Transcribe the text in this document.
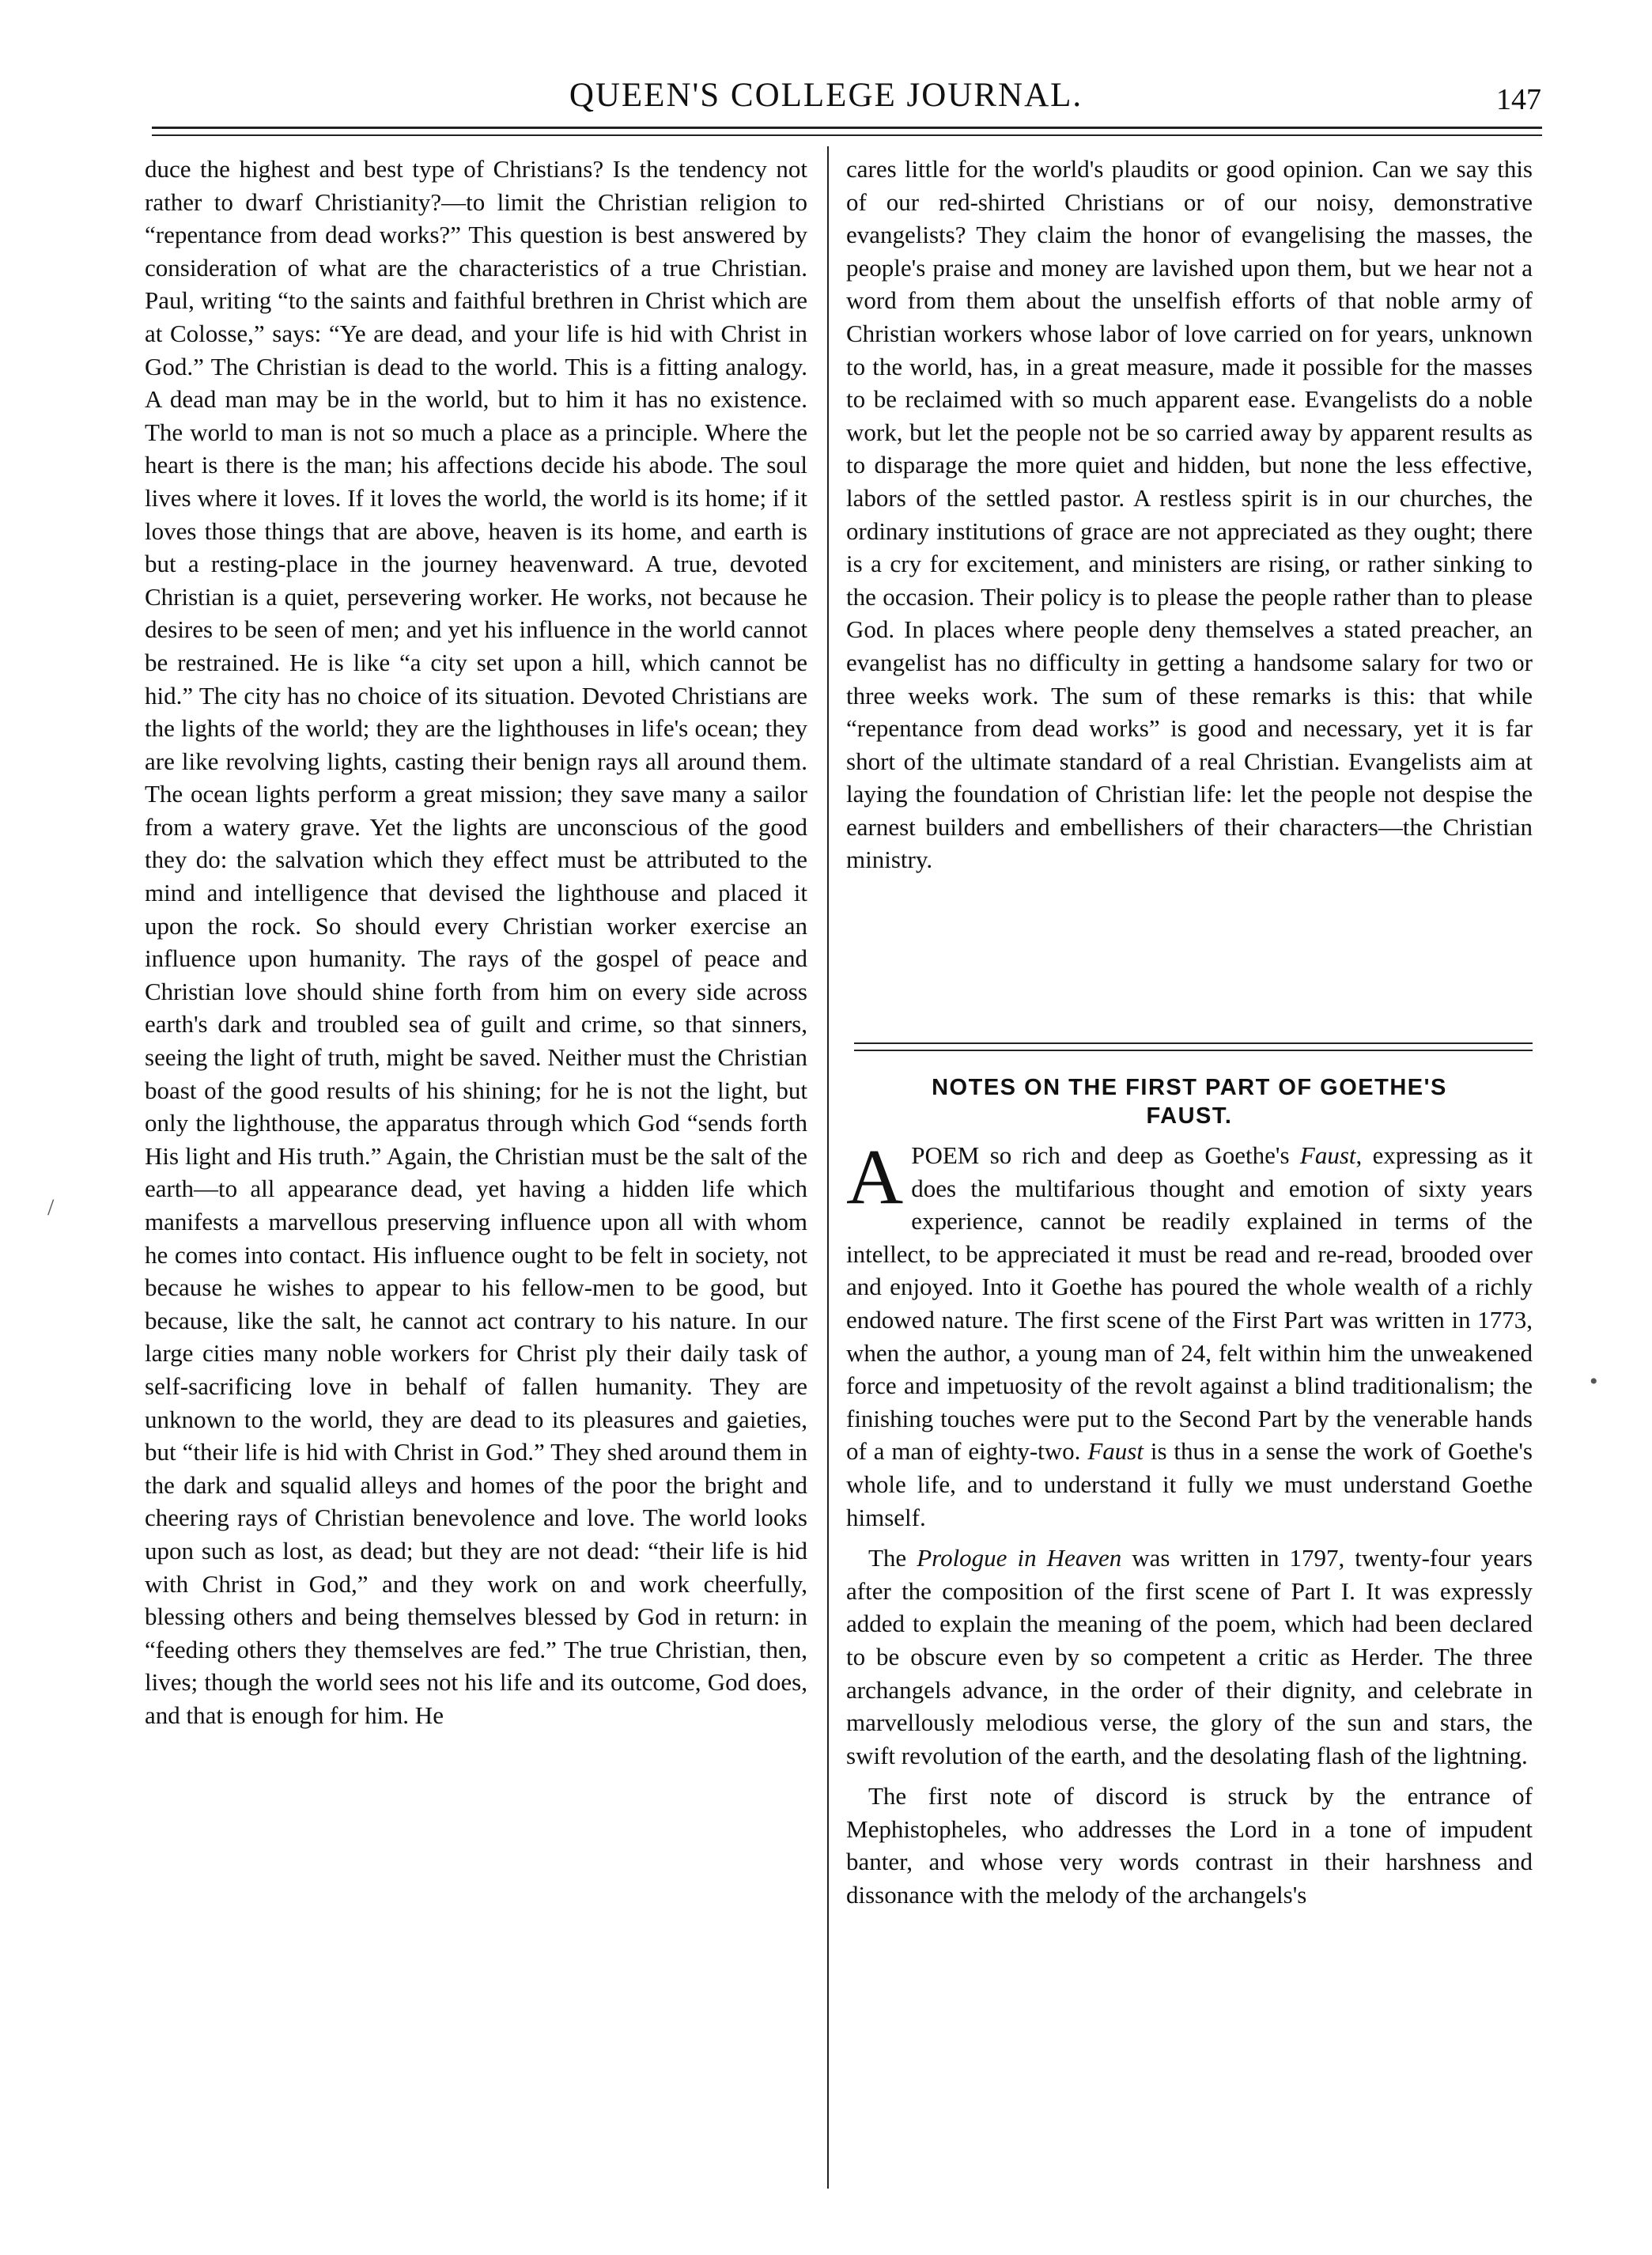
QUEEN'S COLLEGE JOURNAL.	147

duce the highest and best type of Christians? Is the tendency not rather to dwarf Christianity?—to limit the Christian religion to “repentance from dead works?” This question is best answered by consideration of what are the characteristics of a true Christian. Paul, writing “to the saints and faithful brethren in Christ which are at Colosse,” says: “Ye are dead, and your life is hid with Christ in God.” The Christian is dead to the world. This is a fitting analogy. A dead man may be in the world, but to him it has no existence. The world to man is not so much a place as a principle. Where the heart is there is the man; his affections decide his abode. The soul lives where it loves. If it loves the world, the world is its home; if it loves those things that are above, heaven is its home, and earth is but a resting-place in the journey heavenward. A true, devoted Christian is a quiet, persevering worker. He works, not because he desires to be seen of men; and yet his influence in the world cannot be restrained. He is like “a city set upon a hill, which cannot be hid.” The city has no choice of its situation. Devoted Christians are the lights of the world; they are the lighthouses in life's ocean; they are like revolving lights, casting their benign rays all around them. The ocean lights perform a great mission; they save many a sailor from a watery grave. Yet the lights are unconscious of the good they do: the salvation which they effect must be attributed to the mind and intelligence that devised the lighthouse and placed it upon the rock. So should every Christian worker exercise an influence upon humanity. The rays of the gospel of peace and Christian love should shine forth from him on every side across earth's dark and troubled sea of guilt and crime, so that sinners, seeing the light of truth, might be saved. Neither must the Christian boast of the good results of his shining; for he is not the light, but only the lighthouse, the apparatus through which God “sends forth His light and His truth.” Again, the Christian must be the salt of the earth—to all appearance dead, yet having a hidden life which manifests a marvellous preserving influence upon all with whom he comes into contact. His influence ought to be felt in society, not because he wishes to appear to his fellow-men to be good, but because, like the salt, he cannot act contrary to his nature. In our large cities many noble workers for Christ ply their daily task of self-sacrificing love in behalf of fallen humanity. They are unknown to the world, they are dead to its pleasures and gaieties, but “their life is hid with Christ in God.” They shed around them in the dark and squalid alleys and homes of the poor the bright and cheering rays of Christian benevolence and love. The world looks upon such as lost, as dead; but they are not dead: “their life is hid with Christ in God,” and they work on and work cheerfully, blessing others and being themselves blessed by God in return: in “feeding others they themselves are fed.” The true Christian, then, lives; though the world sees not his life and its outcome, God does, and that is enough for him. He

cares little for the world's plaudits or good opinion. Can we say this of our red-shirted Christians or of our noisy, demonstrative evangelists? They claim the honor of evangelising the masses, the people's praise and money are lavished upon them, but we hear not a word from them about the unselfish efforts of that noble army of Christian workers whose labor of love carried on for years, unknown to the world, has, in a great measure, made it possible for the masses to be reclaimed with so much apparent ease. Evangelists do a noble work, but let the people not be so carried away by apparent results as to disparage the more quiet and hidden, but none the less effective, labors of the settled pastor. A restless spirit is in our churches, the ordinary institutions of grace are not appreciated as they ought; there is a cry for excitement, and ministers are rising, or rather sinking to the occasion. Their policy is to please the people rather than to please God. In places where people deny themselves a stated preacher, an evangelist has no difficulty in getting a handsome salary for two or three weeks work. The sum of these remarks is this: that while “repentance from dead works” is good and necessary, yet it is far short of the ultimate standard of a real Christian. Evangelists aim at laying the foundation of Christian life: let the people not despise the earnest builders and embellishers of their characters—the Christian ministry.

NOTES ON THE FIRST PART OF GOETHE'S
FAUST.

APOEM so rich and deep as Goethe's Faust, expressing as it does the multifarious thought and emotion of sixty years experience, cannot be readily explained in terms of the intellect, to be appreciated it must be read and re-read, brooded over and enjoyed. Into it Goethe has poured the whole wealth of a richly endowed nature. The first scene of the First Part was written in 1773, when the author, a young man of 24, felt within him the unweakened force and impetuosity of the revolt against a blind traditionalism; the finishing touches were put to the Second Part by the venerable hands of a man of eighty-two. Faust is thus in a sense the work of Goethe's whole life, and to understand it fully we must understand Goethe himself.

The Prologue in Heaven was written in 1797, twenty-four years after the composition of the first scene of Part I. It was expressly added to explain the meaning of the poem, which had been declared to be obscure even by so competent a critic as Herder. The three archangels advance, in the order of their dignity, and celebrate in marvellously melodious verse, the glory of the sun and stars, the swift revolution of the earth, and the desolating flash of the lightning.

The first note of discord is struck by the entrance of Mephistopheles, who addresses the Lord in a tone of impudent banter, and whose very words contrast in their harshness and dissonance with the melody of the archangels's

/
•
